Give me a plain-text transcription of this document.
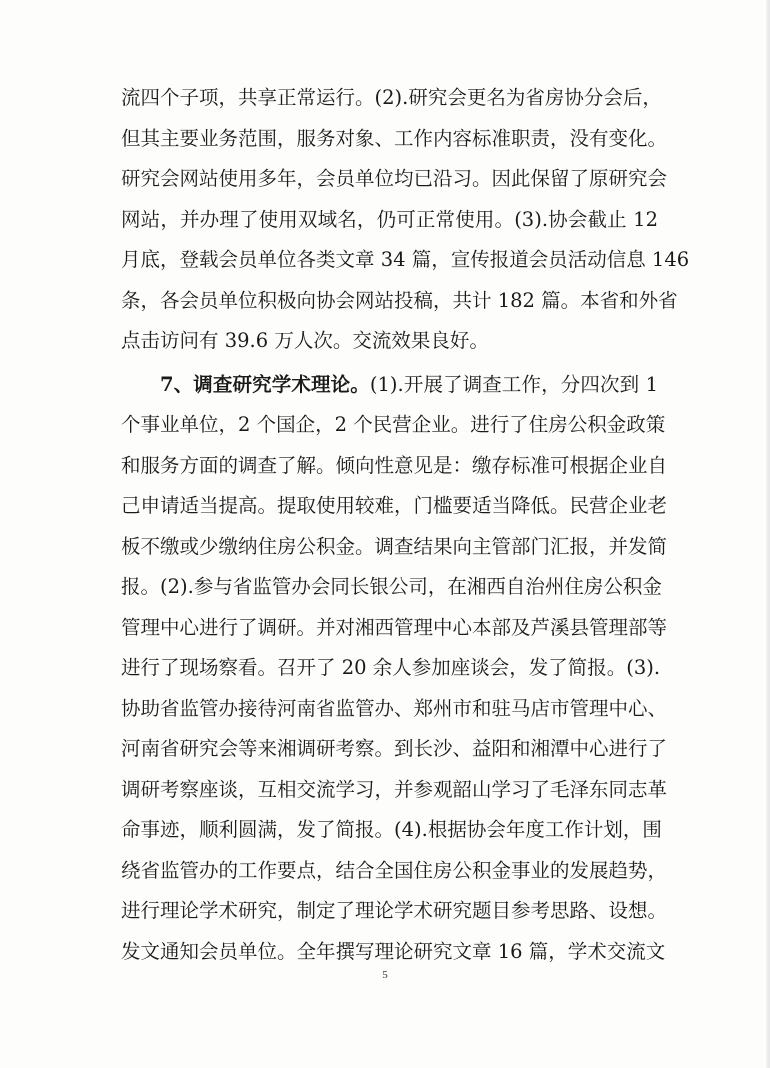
流四个子项，共享正常运行。(2).研究会更名为省房协分会后，
但其主要业务范围，服务对象、工作内容标准职责，没有变化。
研究会网站使用多年，会员单位均已沿习。因此保留了原研究会
网站，并办理了使用双域名，仍可正常使用。(3).协会截止 12
月底，登载会员单位各类文章 34 篇，宣传报道会员活动信息 146
条，各会员单位积极向协会网站投稿，共计 182 篇。本省和外省
点击访问有 39.6 万人次。交流效果良好。
7、调查研究学术理论。(1).开展了调查工作，分四次到 1
个事业单位，2 个国企，2 个民营企业。进行了住房公积金政策
和服务方面的调查了解。倾向性意见是：缴存标准可根据企业自
己申请适当提高。提取使用较难，门槛要适当降低。民营企业老
板不缴或少缴纳住房公积金。调查结果向主管部门汇报，并发简
报。(2).参与省监管办会同长银公司，在湘西自治州住房公积金
管理中心进行了调研。并对湘西管理中心本部及芦溪县管理部等
进行了现场察看。召开了 20 余人参加座谈会，发了简报。(3).
协助省监管办接待河南省监管办、郑州市和驻马店市管理中心、
河南省研究会等来湘调研考察。到长沙、益阳和湘潭中心进行了
调研考察座谈，互相交流学习，并参观韶山学习了毛泽东同志革
命事迹，顺利圆满，发了简报。(4).根据协会年度工作计划，围
绕省监管办的工作要点，结合全国住房公积金事业的发展趋势，
进行理论学术研究，制定了理论学术研究题目参考思路、设想。
发文通知会员单位。全年撰写理论研究文章 16 篇，学术交流文
5
